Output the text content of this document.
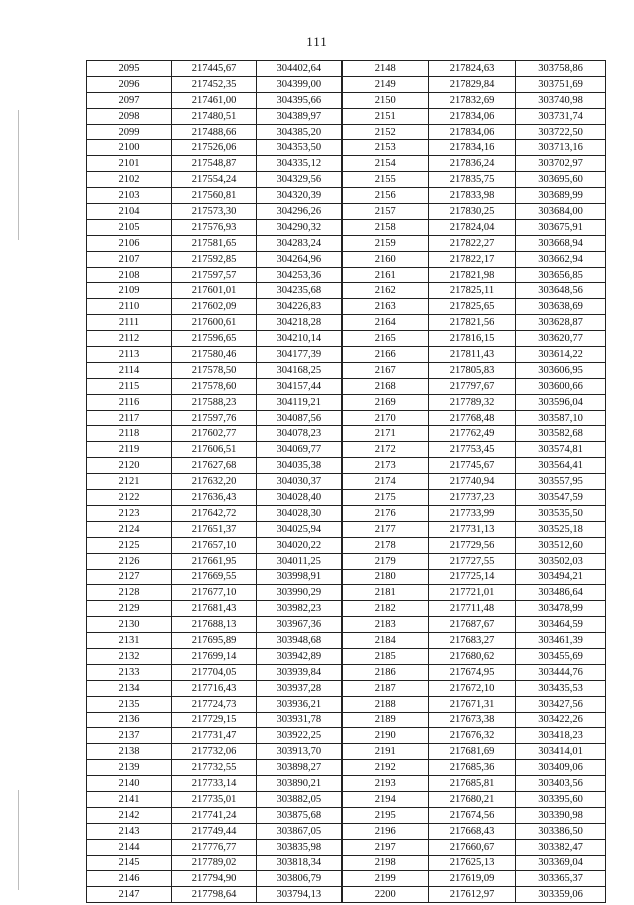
111
2095	217445,67	304402,64	2148	217824,63	303758,86
2096	217452,35	304399,00	2149	217829,84	303751,69
2097	217461,00	304395,66	2150	217832,69	303740,98
2098	217480,51	304389,97	2151	217834,06	303731,74
2099	217488,66	304385,20	2152	217834,06	303722,50
2100	217526,06	304353,50	2153	217834,16	303713,16
2101	217548,87	304335,12	2154	217836,24	303702,97
2102	217554,24	304329,56	2155	217835,75	303695,60
2103	217560,81	304320,39	2156	217833,98	303689,99
2104	217573,30	304296,26	2157	217830,25	303684,00
2105	217576,93	304290,32	2158	217824,04	303675,91
2106	217581,65	304283,24	2159	217822,27	303668,94
2107	217592,85	304264,96	2160	217822,17	303662,94
2108	217597,57	304253,36	2161	217821,98	303656,85
2109	217601,01	304235,68	2162	217825,11	303648,56
2110	217602,09	304226,83	2163	217825,65	303638,69
2111	217600,61	304218,28	2164	217821,56	303628,87
2112	217596,65	304210,14	2165	217816,15	303620,77
2113	217580,46	304177,39	2166	217811,43	303614,22
2114	217578,50	304168,25	2167	217805,83	303606,95
2115	217578,60	304157,44	2168	217797,67	303600,66
2116	217588,23	304119,21	2169	217789,32	303596,04
2117	217597,76	304087,56	2170	217768,48	303587,10
2118	217602,77	304078,23	2171	217762,49	303582,68
2119	217606,51	304069,77	2172	217753,45	303574,81
2120	217627,68	304035,38	2173	217745,67	303564,41
2121	217632,20	304030,37	2174	217740,94	303557,95
2122	217636,43	304028,40	2175	217737,23	303547,59
2123	217642,72	304028,30	2176	217733,99	303535,50
2124	217651,37	304025,94	2177	217731,13	303525,18
2125	217657,10	304020,22	2178	217729,56	303512,60
2126	217661,95	304011,25	2179	217727,55	303502,03
2127	217669,55	303998,91	2180	217725,14	303494,21
2128	217677,10	303990,29	2181	217721,01	303486,64
2129	217681,43	303982,23	2182	217711,48	303478,99
2130	217688,13	303967,36	2183	217687,67	303464,59
2131	217695,89	303948,68	2184	217683,27	303461,39
2132	217699,14	303942,89	2185	217680,62	303455,69
2133	217704,05	303939,84	2186	217674,95	303444,76
2134	217716,43	303937,28	2187	217672,10	303435,53
2135	217724,73	303936,21	2188	217671,31	303427,56
2136	217729,15	303931,78	2189	217673,38	303422,26
2137	217731,47	303922,25	2190	217676,32	303418,23
2138	217732,06	303913,70	2191	217681,69	303414,01
2139	217732,55	303898,27	2192	217685,36	303409,06
2140	217733,14	303890,21	2193	217685,81	303403,56
2141	217735,01	303882,05	2194	217680,21	303395,60
2142	217741,24	303875,68	2195	217674,56	303390,98
2143	217749,44	303867,05	2196	217668,43	303386,50
2144	217776,77	303835,98	2197	217660,67	303382,47
2145	217789,02	303818,34	2198	217625,13	303369,04
2146	217794,90	303806,79	2199	217619,09	303365,37
2147	217798,64	303794,13	2200	217612,97	303359,06
